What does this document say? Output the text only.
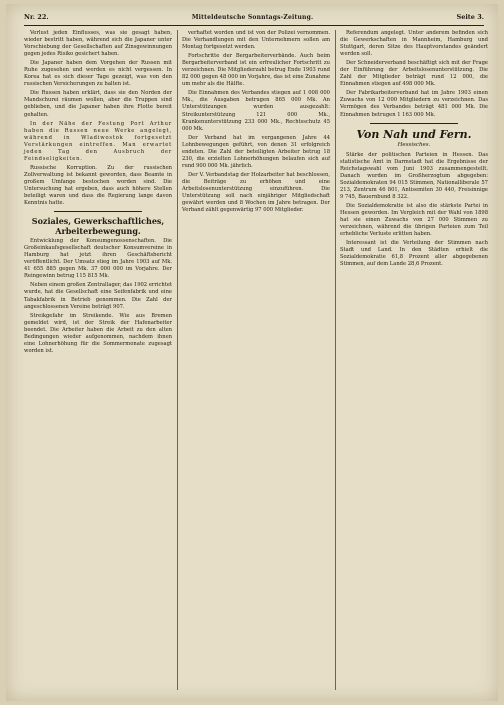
Nr. 22.	Mitteldeutsche Sonntags-Zeitung.	Seite 3.

Verlust jeden Einflusses, was sie gesagt haben, wieder bestritt haben, während sich die Japaner unter Vorschiebung der Gesellschaften auf Zinsgewinnungen gegen jedes Risiko gesichert haben.

Die Japaner haben dem Vorgehen der Russen mit Ruhe zugesehen und werden es nicht vergessen. In Korea hat es sich dieser Tage gezeigt, was von den russischen Versicherungen zu halten ist.

Die Russen haben erklärt, dass sie den Norden der Mandschurei räumen wollen, aber die Truppen sind geblieben, und die Japaner haben ihre Flotte bereit gehalten.

In der Nähe der Festung Port Arthur haben die Russen neue Werke angelegt, während in Wladiwostok fortgesetzt Verstärkungen eintreffen. Man erwartet jeden Tag den Ausbruch der Feindseligkeiten.

Russische Korruption. Zu der russischen Zollverwaltung ist bekannt geworden, dass Beamte in großem Umfange bestochen worden sind. Die Untersuchung hat ergeben, dass auch höhere Stellen beteiligt waren und dass die Regierung lange davon Kenntnis hatte.

Soziales, Gewerkschaftliches, Arbeiterbewegung.

Entwicklung der Konsumgenossenschaften. Die Großeinkaufsgesellschaft deutscher Konsumvereine in Hamburg hat jetzt ihren Geschäftsbericht veröffentlicht. Der Umsatz stieg im Jahre 1903 auf Mk. 41 655 885 gegen Mk. 37 000 000 im Vorjahre. Der Reingewinn betrug 115 815 Mk.

Neben einem großen Zentrallager, das 1902 errichtet wurde, hat die Gesellschaft eine Seifenfabrik und eine Tabakfabrik in Betrieb genommen. Die Zahl der angeschlossenen Vereine beträgt 907.

Streikgefahr im Streikende. Wie aus Bremen gemeldet wird, ist der Streik der Hafenarbeiter beendet. Die Arbeiter haben die Arbeit zu den alten Bedingungen wieder aufgenommen, nachdem ihnen eine Lohnerhöhung für die Sommermonate zugesagt worden ist.

verhaftet worden und ist von der Polizei vernommen. Die Verhandlungen mit den Unternehmern sollen am Montag fortgesetzt werden.

Fortschritte der Bergarbeiterverbände. Auch beim Bergarbeiterverband ist ein erfreulicher Fortschritt zu verzeichnen. Die Mitgliederzahl betrug Ende 1903 rund 82 000 gegen 48 000 im Vorjahre, das ist eine Zunahme um mehr als die Hälfte.

Die Einnahmen des Verbandes stiegen auf 1 008 000 Mk., die Ausgaben betrugen 865 000 Mk. An Unterstützungen wurden ausgezahlt: Streikunterstützung 121 000 Mk., Krankenunterstützung 233 000 Mk., Rechtsschutz 45 000 Mk.

Der Verband hat im vergangenen Jahre 44 Lohnbewegungen geführt, von denen 31 erfolgreich endeten. Die Zahl der beteiligten Arbeiter betrug 18 230, die erzielten Lohnerhöhungen belaufen sich auf rund 900 000 Mk. jährlich.

Der V. Verbandstag der Holzarbeiter hat beschlossen, die Beiträge zu erhöhen und eine Arbeitslosenunterstützung einzuführen. Die Unterstützung soll nach einjähriger Mitgliedschaft gewährt werden und 8 Wochen im Jahre betragen. Der Verband zählt gegenwärtig 97 000 Mitglieder.

Referendum angelegt. Unter anderem befinden sich die Gewerkschaften in Mannheim, Hamburg und Stuttgart, deren Sitze des Hauptvorstandes geändert werden soll.

Der Schneiderverband beschäftigt sich mit der Frage der Einführung der Arbeitslosenunterstützung. Die Zahl der Mitglieder beträgt rund 12 000, die Einnahmen stiegen auf 498 000 Mk.

Der Fabrikarbeiterverband hat im Jahre 1903 einen Zuwachs von 12 000 Mitgliedern zu verzeichnen. Das Vermögen des Verbandes beträgt 481 000 Mk. Die Einnahmen betrugen 1 163 000 Mk.

Von Nah und Fern.
Hessisches.

Stärke der politischen Parteien in Hessen. Das statistische Amt in Darmstadt hat die Ergebnisse der Reichstagswahl vom Juni 1903 zusammengestellt. Danach wurden im Großherzogtum abgegeben: Sozialdemokraten 94 015 Stimmen, Nationalliberale 57 213, Zentrum 46 801, Antisemiten 30 440, Freisinnige 9 745, Bauernbund 8 322.

Die Sozialdemokratie ist also die stärkste Partei in Hessen geworden. Im Vergleich mit der Wahl von 1898 hat sie einen Zuwachs von 27 000 Stimmen zu verzeichnen, während die übrigen Parteien zum Teil erhebliche Verluste erlitten haben.

Interessant ist die Verteilung der Stimmen nach Stadt und Land. In den Städten erhielt die Sozialdemokratie 61,8 Prozent aller abgegebenen Stimmen, auf dem Lande 28,6 Prozent.
